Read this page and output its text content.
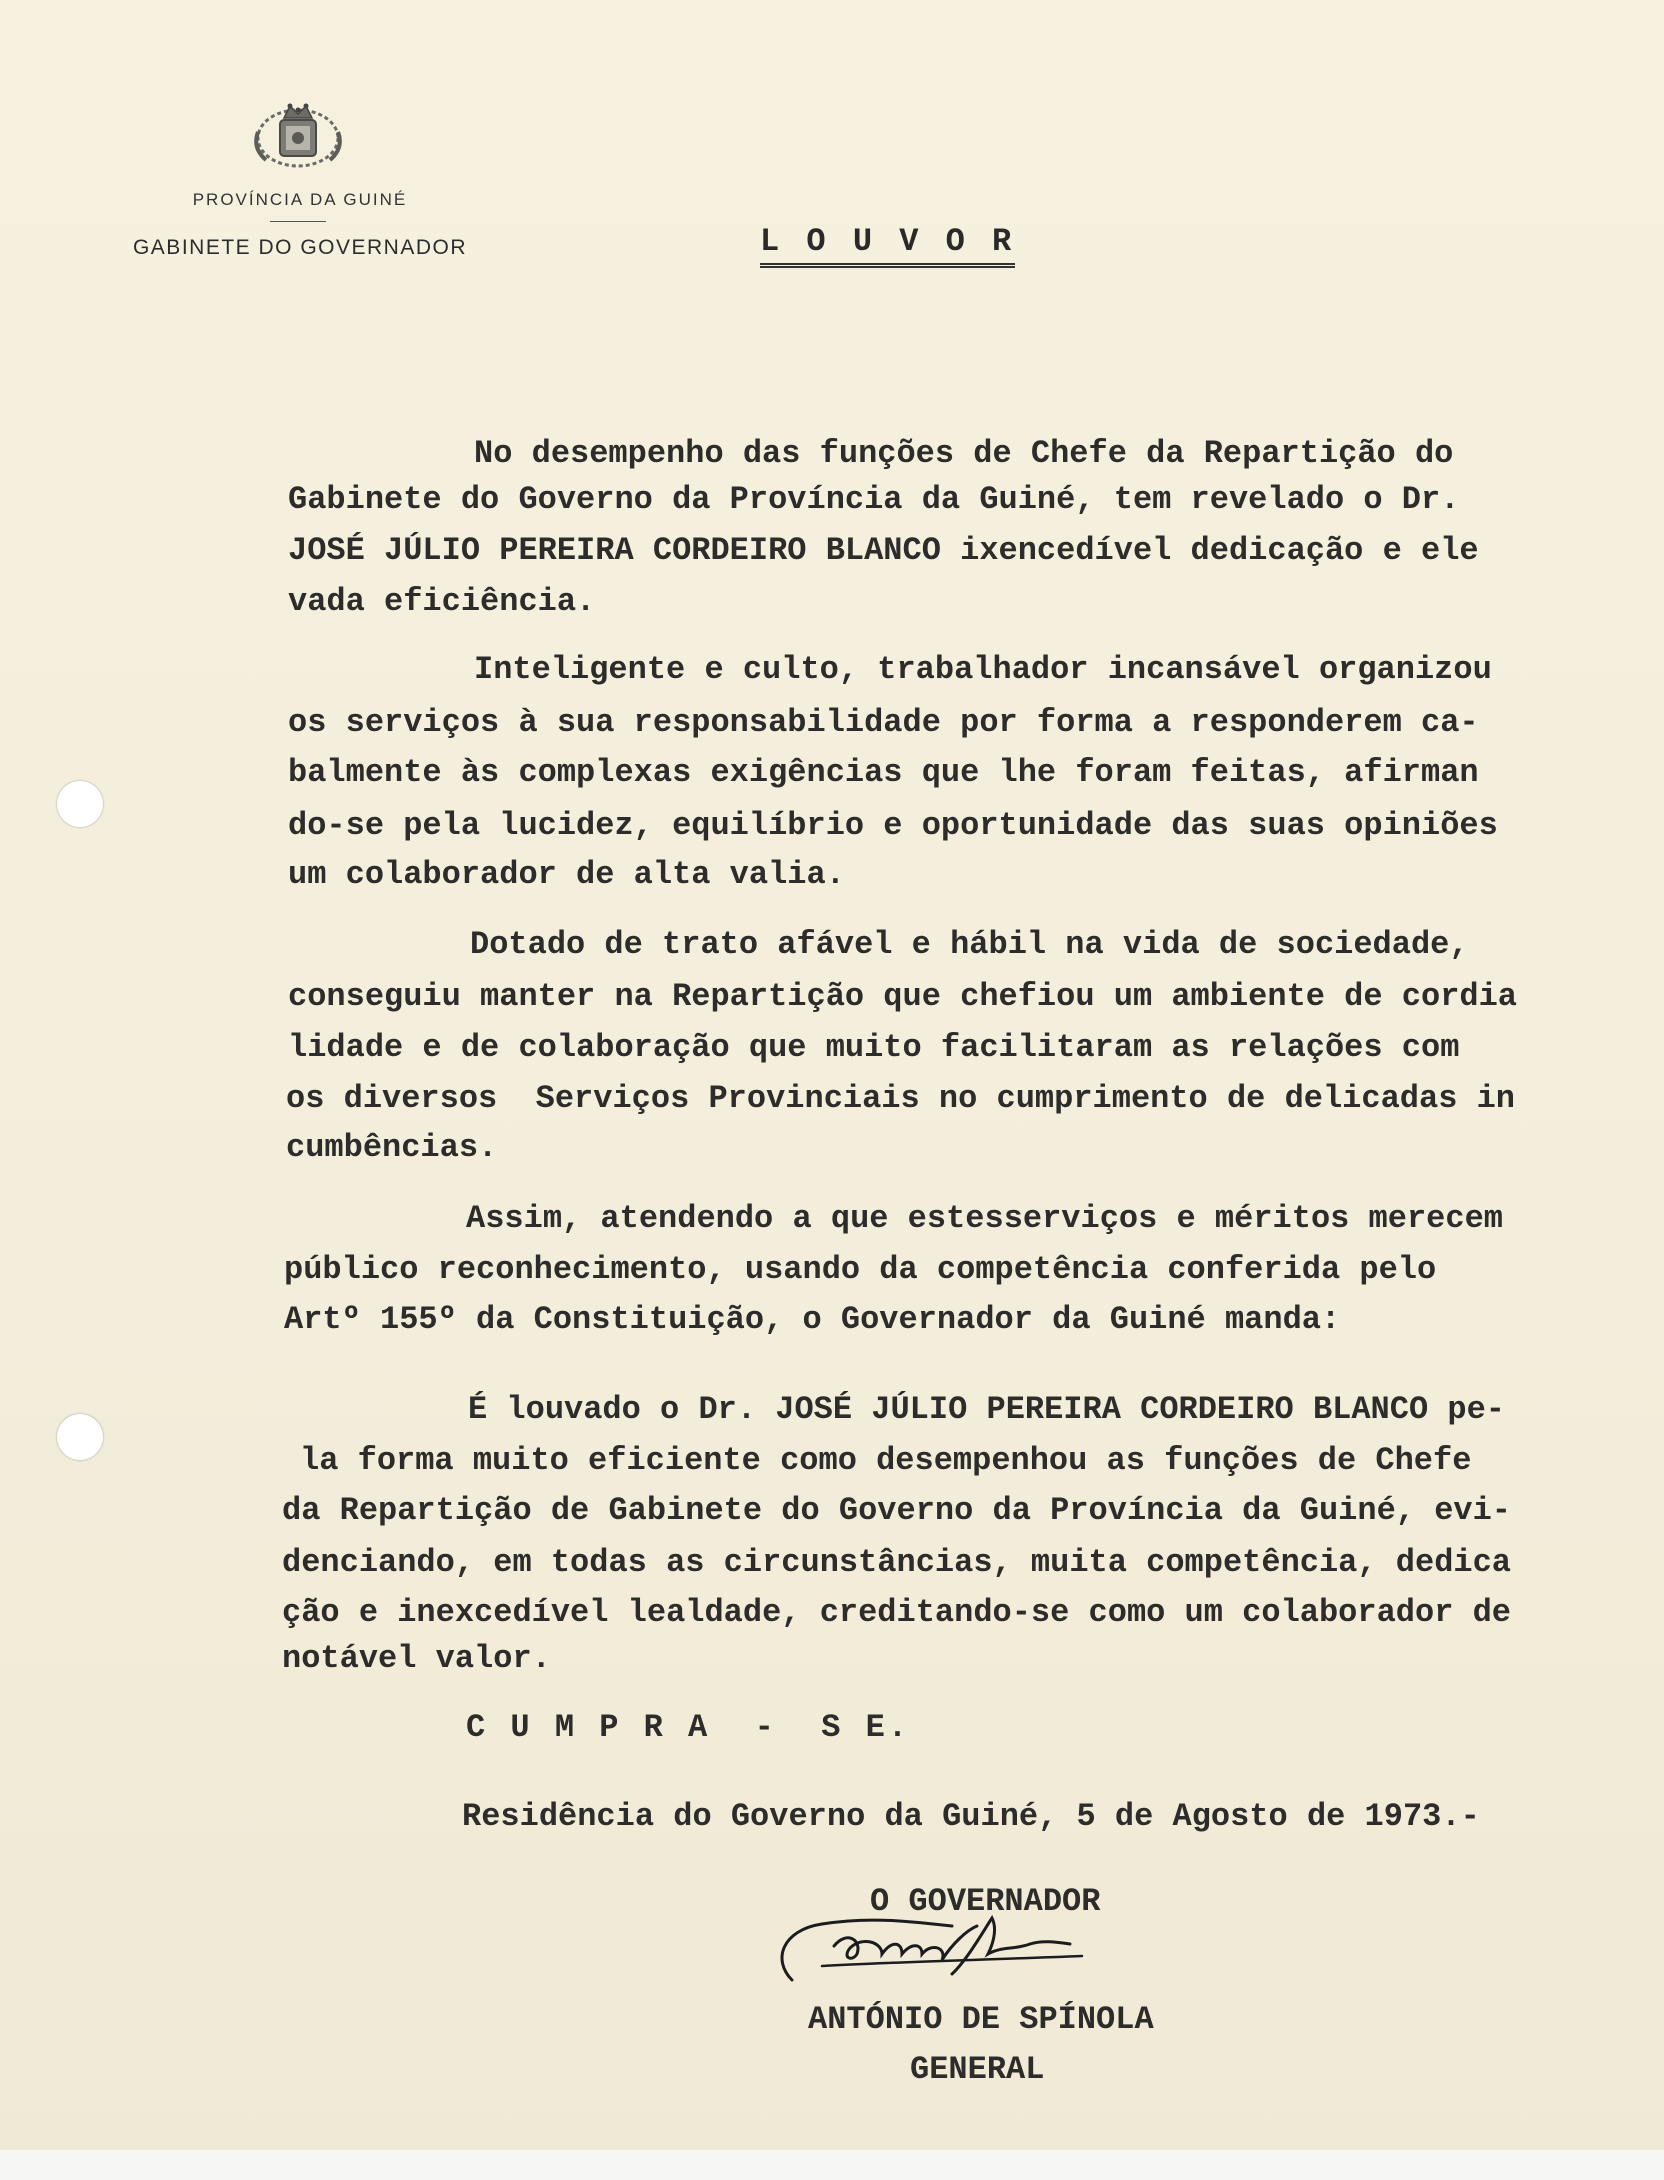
PROVÍNCIA DA GUINÉ
GABINETE DO GOVERNADOR	L O U V O R
No desempenho das funções de Chefe da Repartição do
Gabinete do Governo da Província da Guiné, tem revelado o Dr.
JOSÉ JÚLIO PEREIRA CORDEIRO BLANCO ixencedível dedicação e ele
vada eficiência.
Inteligente e culto, trabalhador incansável organizou
os serviços à sua responsabilidade por forma a responderem ca-
balmente às complexas exigências que lhe foram feitas, afirman
do-se pela lucidez, equilíbrio e oportunidade das suas opiniões
um colaborador de alta valia.
Dotado de trato afável e hábil na vida de sociedade,
conseguiu manter na Repartição que chefiou um ambiente de cordia
lidade e de colaboração que muito facilitaram as relações com
os diversos  Serviços Provinciais no cumprimento de delicadas in
cumbências.
Assim, atendendo a que estesserviços e méritos merecem
público reconhecimento, usando da competência conferida pelo
Artº 155º da Constituição, o Governador da Guiné manda:
É louvado o Dr. JOSÉ JÚLIO PEREIRA CORDEIRO BLANCO pe-
la forma muito eficiente como desempenhou as funções de Chefe
da Repartição de Gabinete do Governo da Província da Guiné, evi-
denciando, em todas as circunstâncias, muita competência, dedica
ção e inexcedível lealdade, creditando-se como um colaborador de
notável valor.
C U M P R A  -  S E.
Residência do Governo da Guiné, 5 de Agosto de 1973.-
O GOVERNADOR
ANTÓNIO DE SPÍNOLA
GENERAL
